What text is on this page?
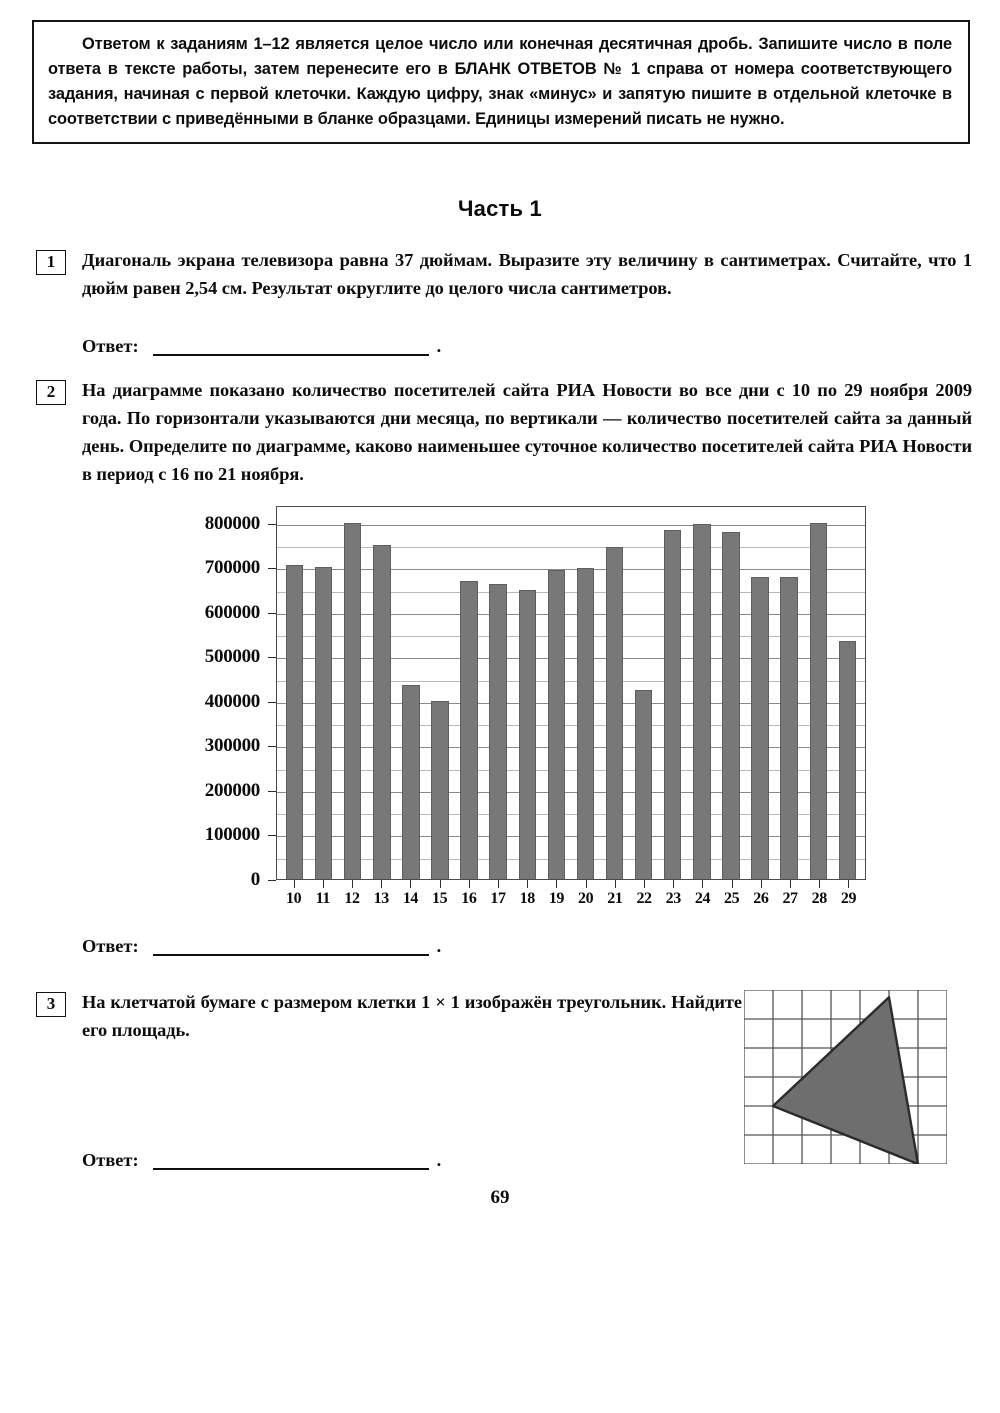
Ответом к заданиям 1–12 является целое число или конечная десятичная дробь. Запишите число в поле ответа в тексте работы, затем перенесите его в БЛАНК ОТВЕТОВ № 1 справа от номера соответствующего задания, начиная с первой клеточки. Каждую цифру, знак «минус» и запятую пишите в отдельной клеточке в соответствии с приведёнными в бланке образцами. Единицы измерений писать не нужно.

Часть 1
1	Диагональ экрана телевизора равна 37 дюймам. Выразите эту величину в сантиметрах. Считайте, что 1 дюйм равен 2,54 см. Результат округлите до целого числа сантиметров.
Ответ:	.
2	На диаграмме показано количество посетителей сайта РИА Новости во все дни с 10 по 29 ноября 2009 года. По горизонтали указываются дни месяца, по вертикали — количество посетителей сайта за данный день. Определите по диаграмме, каково наименьшее суточное количество посетителей сайта РИА Новости в период с 16 по 21 ноября.
0
100000
200000
300000
400000
500000
600000
700000
800000
10 11 12 13 14 15 16 17 18 19 20 21 22 23 24 25 26 27 28 29
Ответ:	.
3	На клетчатой бумаге с размером клетки 1 × 1 изображён треугольник. Найдите его площадь.
Ответ:	.
69
